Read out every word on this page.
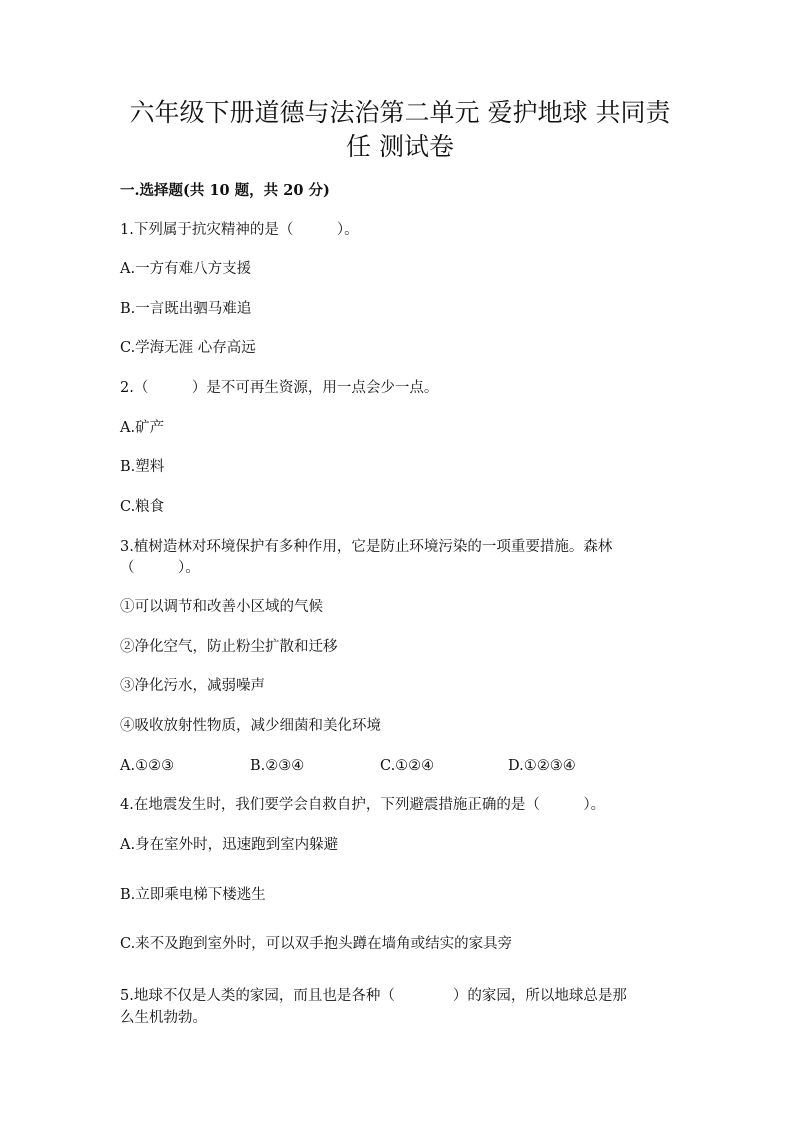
六年级下册道德与法治第二单元 爱护地球 共同责
任 测试卷
一.选择题(共 10 题，共 20 分)
1.下列属于抗灾精神的是（　　　）。
A.一方有难八方支援
B.一言既出驷马难追
C.学海无涯 心存高远
2.（　　　）是不可再生资源，用一点会少一点。
A.矿产
B.塑料
C.粮食
3.植树造林对环境保护有多种作用，它是防止环境污染的一项重要措施。森林
（　　　）。
①可以调节和改善小区域的气候
②净化空气，防止粉尘扩散和迁移
③净化污水，减弱噪声
④吸收放射性物质，减少细菌和美化环境
A.①②③	B.②③④	C.①②④	D.①②③④
4.在地震发生时，我们要学会自救自护，下列避震措施正确的是（　　　）。
A.身在室外时，迅速跑到室内躲避
B.立即乘电梯下楼逃生
C.来不及跑到室外时，可以双手抱头蹲在墙角或结实的家具旁
5.地球不仅是人类的家园，而且也是各种（　　　　）的家园，所以地球总是那
么生机勃勃。
